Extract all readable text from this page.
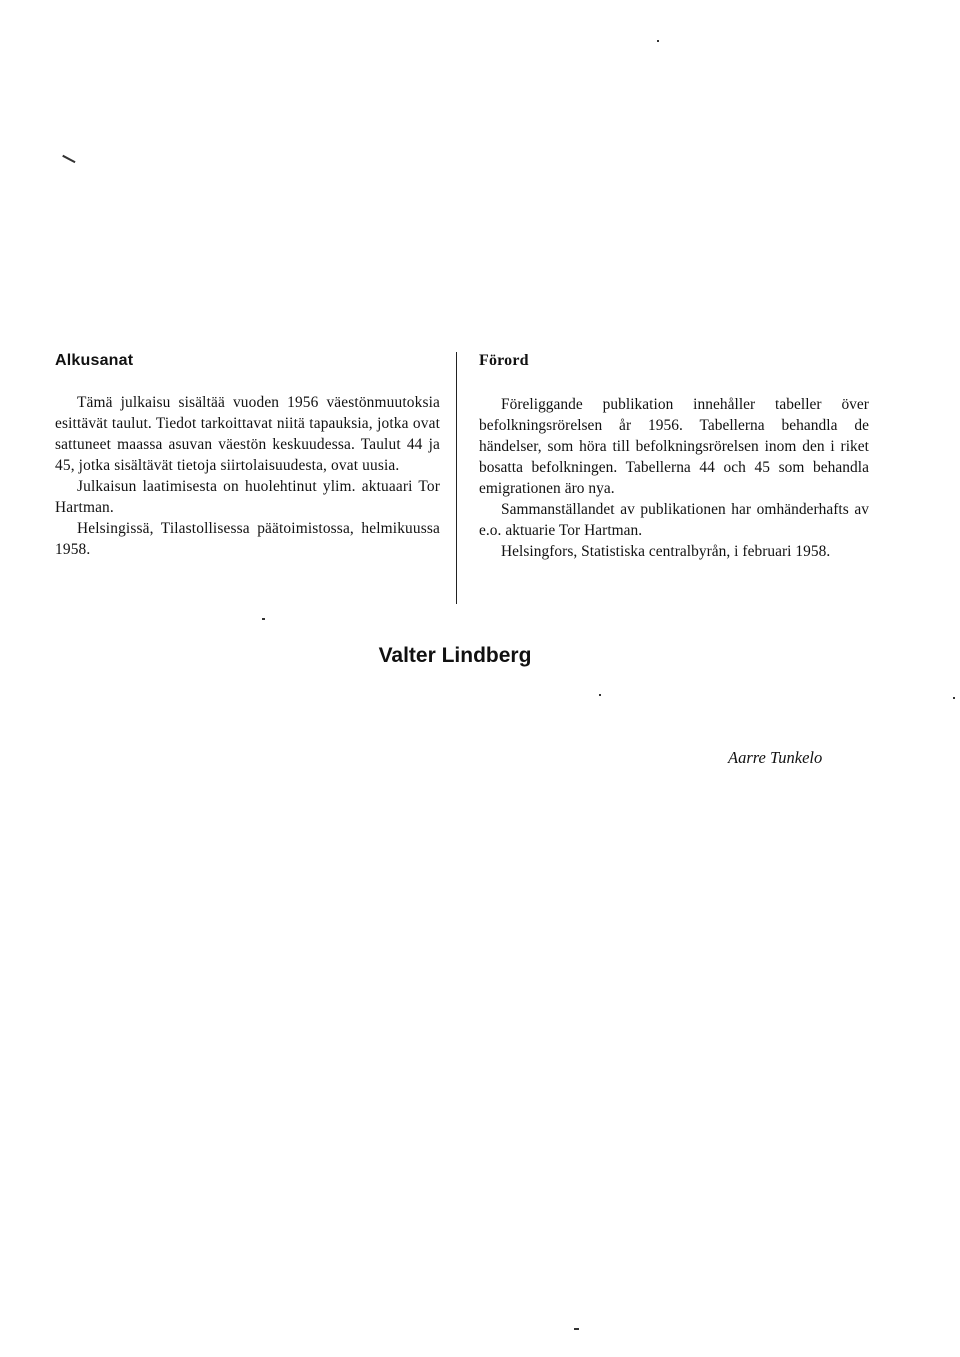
Alkusanat

Tämä julkaisu sisältää vuoden 1956 väestönmuutoksia esittävät taulut. Tiedot tarkoittavat niitä tapauksia, jotka ovat sattuneet maassa asuvan väestön keskuudessa. Taulut 44 ja 45, jotka sisältävät tietoja siirtolaisuudesta, ovat uusia.

Julkaisun laatimisesta on huolehtinut ylim. aktuaari Tor Hartman.

Helsingissä, Tilastollisessa päätoimistossa, helmikuussa 1958.

Förord

Föreliggande publikation innehåller tabeller över befolkningsrörelsen år 1956. Tabellerna behandla de händelser, som höra till befolkningsrörelsen inom den i riket bosatta befolkningen. Tabellerna 44 och 45 som behandla emigrationen äro nya.

Sammanställandet av publikationen har omhänderhafts av e.o. aktuarie Tor Hartman.

Helsingfors, Statistiska centralbyrån, i februari 1958.

Valter Lindberg
Aarre Tunkelo
